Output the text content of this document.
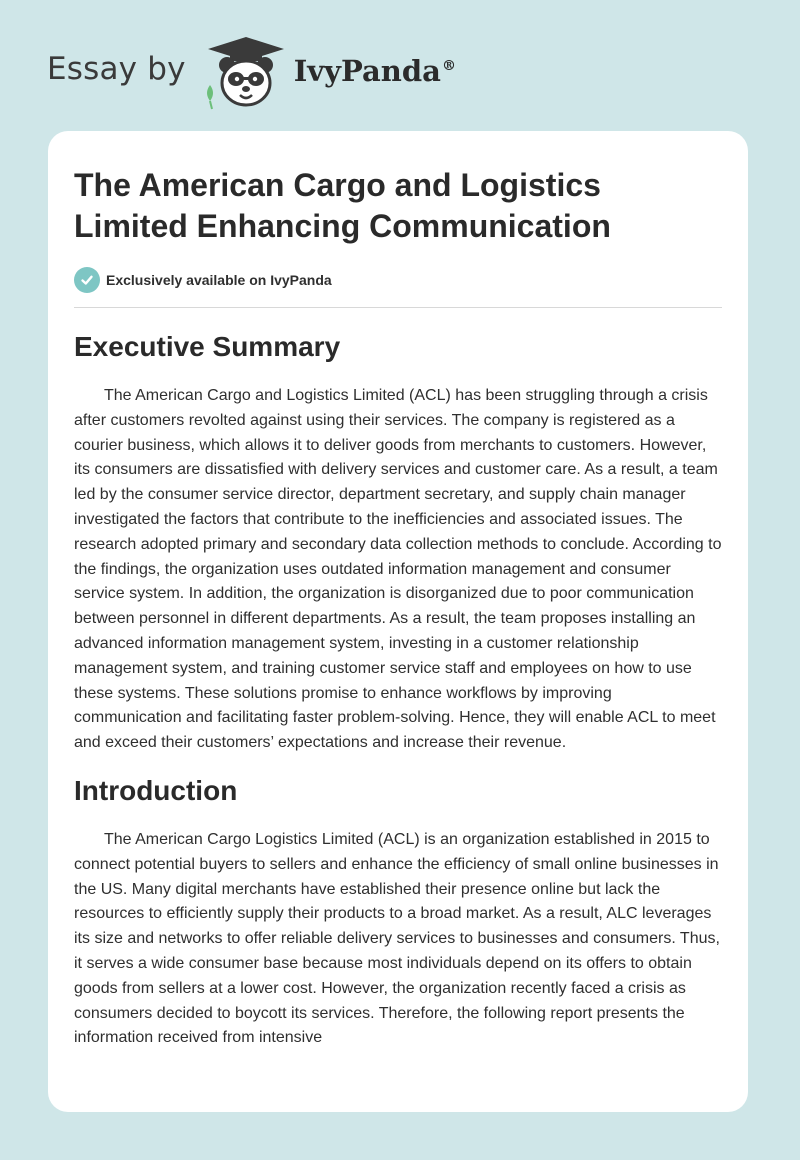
Essay by	IvyPanda®
The American Cargo and Logistics Limited Enhancing Communication
Exclusively available on IvyPanda
Executive Summary

The American Cargo and Logistics Limited (ACL) has been struggling through a crisis after customers revolted against using their services. The company is registered as a courier business, which allows it to deliver goods from merchants to customers. However, its consumers are dissatisfied with delivery services and customer care. As a result, a team led by the consumer service director, department secretary, and supply chain manager investigated the factors that contribute to the inefficiencies and associated issues. The research adopted primary and secondary data collection methods to conclude. According to the findings, the organization uses outdated information management and consumer service system. In addition, the organization is disorganized due to poor communication between personnel in different departments. As a result, the team proposes installing an advanced information management system, investing in a customer relationship management system, and training customer service staff and employees on how to use these systems. These solutions promise to enhance workflows by improving communication and facilitating faster problem-solving. Hence, they will enable ACL to meet and exceed their customers’ expectations and increase their revenue.

Introduction

The American Cargo Logistics Limited (ACL) is an organization established in 2015 to connect potential buyers to sellers and enhance the efficiency of small online businesses in the US. Many digital merchants have established their presence online but lack the resources to efficiently supply their products to a broad market. As a result, ALC leverages its size and networks to offer reliable delivery services to businesses and consumers. Thus, it serves a wide consumer base because most individuals depend on its offers to obtain goods from sellers at a lower cost. However, the organization recently faced a crisis as consumers decided to boycott its services. Therefore, the following report presents the information received from intensive
